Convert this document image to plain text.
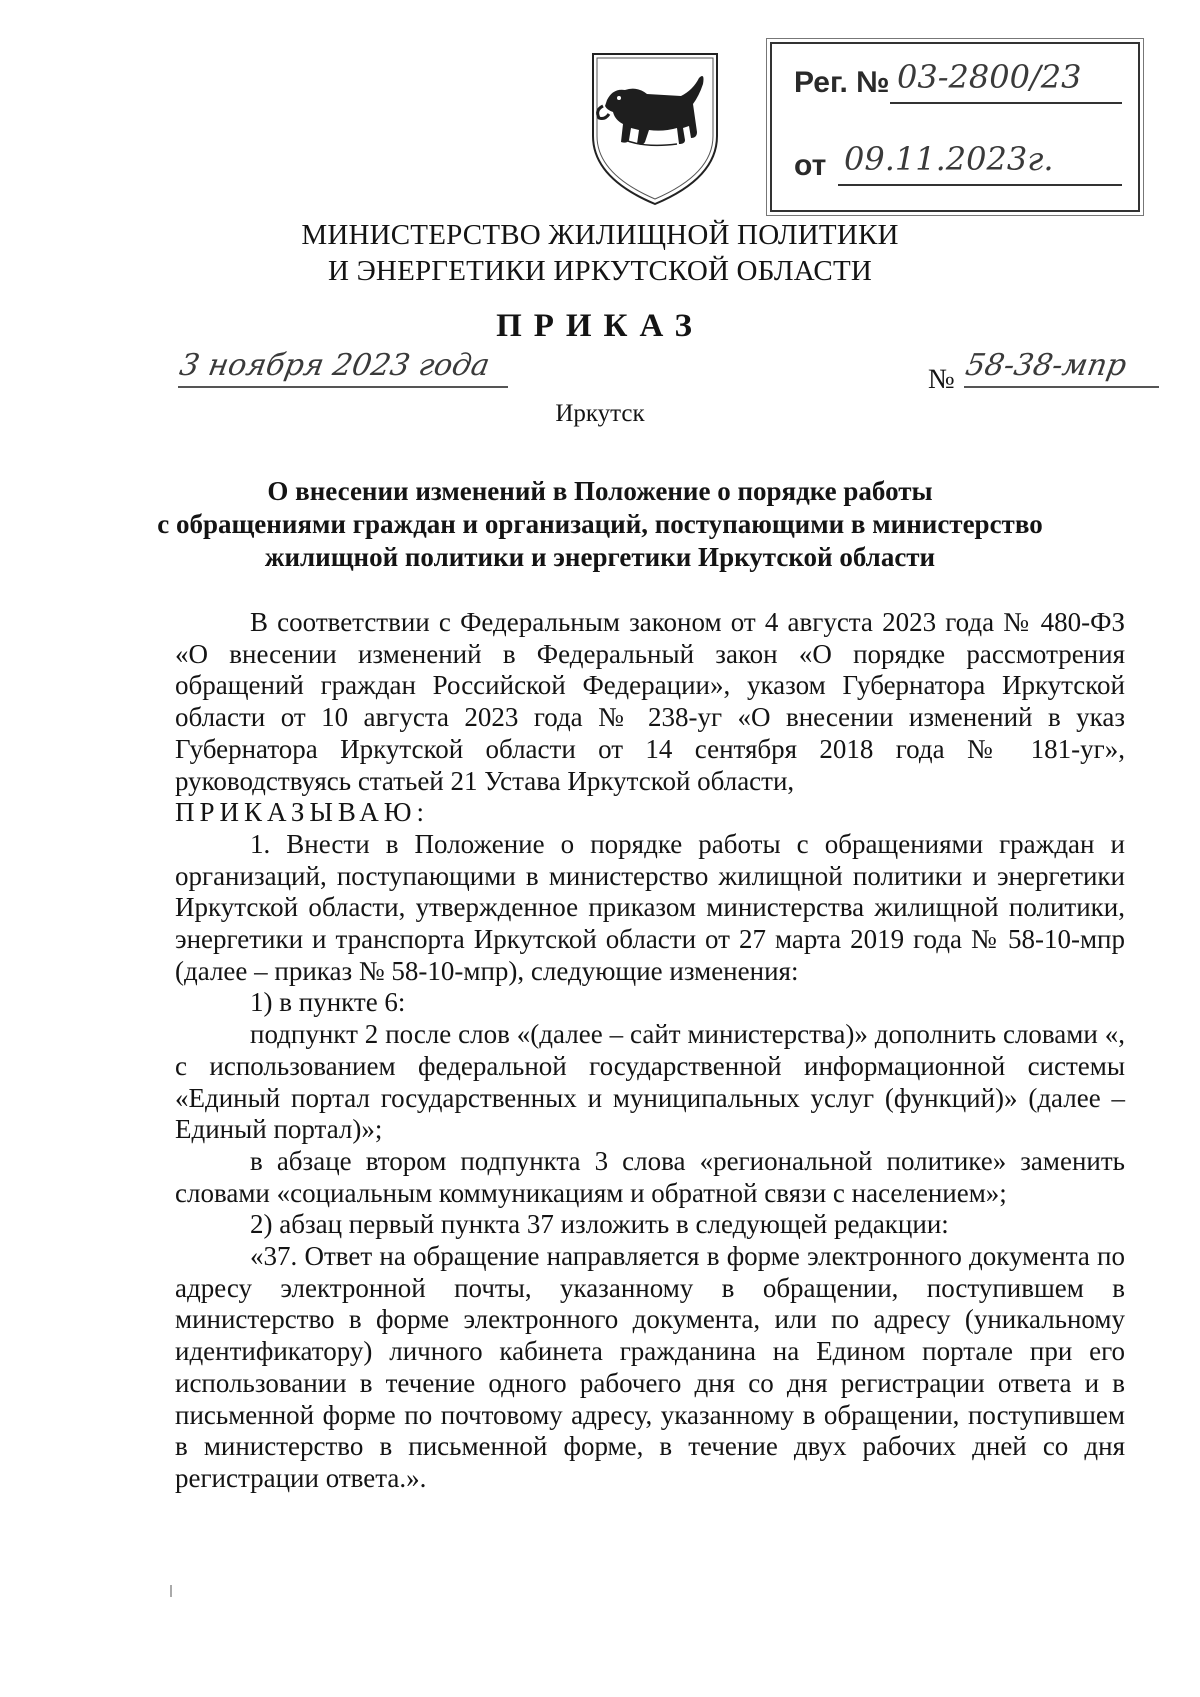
Рег. № 03-2800/23
от 09.11.2023г.
МИНИСТЕРСТВО ЖИЛИЩНОЙ ПОЛИТИКИ
И ЭНЕРГЕТИКИ ИРКУТСКОЙ ОБЛАСТИ
ПРИКАЗ
3 ноября 2023 года	№ 58-38-мпр
Иркутск
О внесении изменений в Положение о порядке работы
с обращениями граждан и организаций, поступающими в министерство
жилищной политики и энергетики Иркутской области

В соответствии с Федеральным законом от 4 августа 2023 года № 480-ФЗ «О внесении изменений в Федеральный закон «О порядке рассмотрения обращений граждан Российской Федерации», указом Губернатора Иркутской области от 10 августа 2023 года № 238-уг «О внесении изменений в указ Губернатора Иркутской области от 14 сентября 2018 года № 181-уг», руководствуясь статьей 21 Устава Иркутской области,

ПРИКАЗЫВАЮ:

1. Внести в Положение о порядке работы с обращениями граждан и организаций, поступающими в министерство жилищной политики и энергетики Иркутской области, утвержденное приказом министерства жилищной политики, энергетики и транспорта Иркутской области от 27 марта 2019 года № 58-10-мпр (далее – приказ № 58-10-мпр), следующие изменения:

1) в пункте 6:

подпункт 2 после слов «(далее – сайт министерства)» дополнить словами «, с использованием федеральной государственной информационной системы «Единый портал государственных и муниципальных услуг (функций)» (далее – Единый портал)»;

в абзаце втором подпункта 3 слова «региональной политике» заменить словами «социальным коммуникациям и обратной связи с населением»;

2) абзац первый пункта 37 изложить в следующей редакции:

«37. Ответ на обращение направляется в форме электронного документа по адресу электронной почты, указанному в обращении, поступившем в министерство в форме электронного документа, или по адресу (уникальному идентификатору) личного кабинета гражданина на Едином портале при его использовании в течение одного рабочего дня со дня регистрации ответа и в письменной форме по почтовому адресу, указанному в обращении, поступившем в министерство в письменной форме, в течение двух рабочих дней со дня регистрации ответа.».
